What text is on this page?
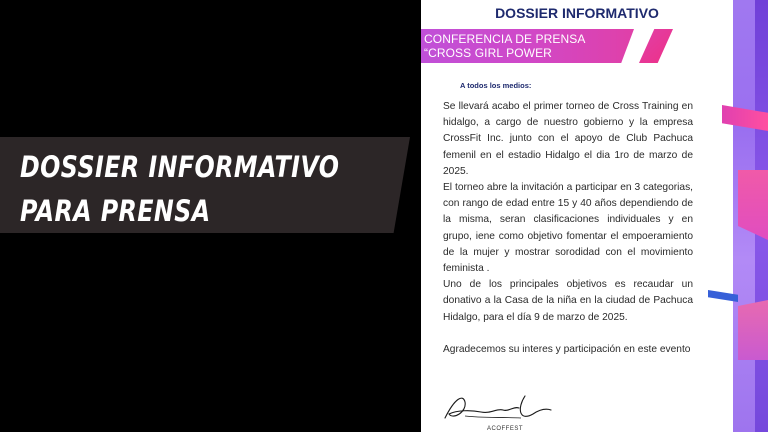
DOSSIER INFORMATIVO
PARA PRENSA
DOSSIER INFORMATIVO
CONFERENCIA DE PRENSA
“CROSS GIRL POWER
A todos los medios:

Se llevará acabo el primer torneo de Cross Training en hidalgo, a cargo de nuestro gobierno y la empresa CrossFit Inc. junto con el apoyo de Club Pachuca femenil en el estadio Hidalgo el dia 1ro de marzo de 2025.

El torneo abre la invitación a participar en 3 categorias, con rango de edad entre 15 y 40 años dependiendo de la misma, seran clasificaciones individuales y en grupo, iene como objetivo fomentar el empoeramiento de la mujer y mostrar sorodidad con el movimiento feminista .

Uno de los principales objetivos es recaudar un donativo a la Casa de la niña en la ciudad de Pachuca Hidalgo, para el día 9 de marzo de 2025.

Agradecemos su interes y participación en este evento

ACOFFEST
